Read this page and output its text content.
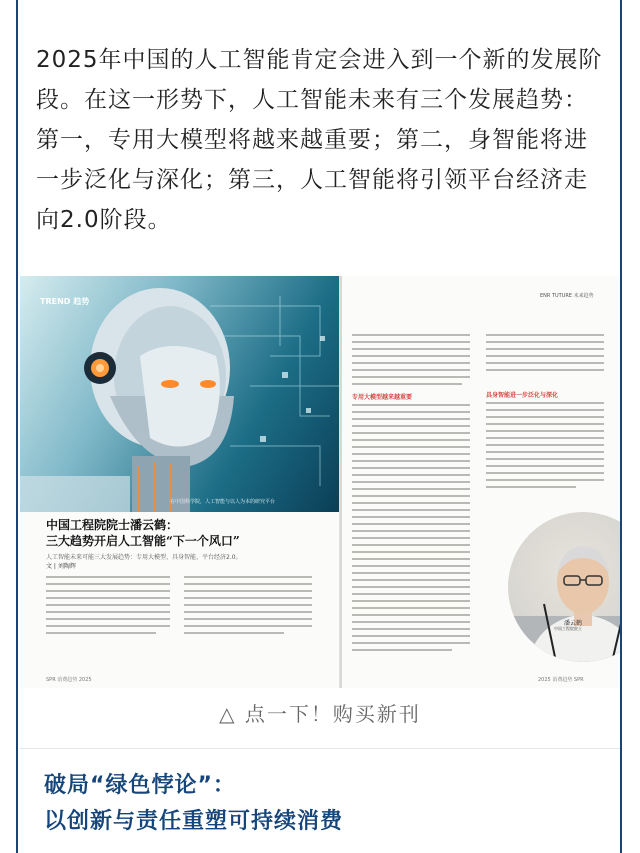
2025年中国的人工智能肯定会进入到一个新的发展阶段。在这一形势下，人工智能未来有三个发展趋势：第一，专用大模型将越来越重要；第二，身智能将进一步泛化与深化；第三，人工智能将引领平台经济走向2.0阶段。
TREND 趋势
在中国科学院，人工智能与以人为本的研究平台
中国工程院院士潘云鹤：
三大趋势开启人工智能“下一个风口”
人工智能未来可能三大发展趋势：专用大模型、具身智能、平台经济2.0。
文 | 刘陶辉
SPR 消费趋势 2025
ENR TUTURE 未来趋势
专用大模型越来越重要	具身智能进一步泛化与深化
潘云鹤
中国工程院院士
2025 消费趋势 SPR
△ 点一下！购买新刊
破局“绿色悖论”：
以创新与责任重塑可持续消费
